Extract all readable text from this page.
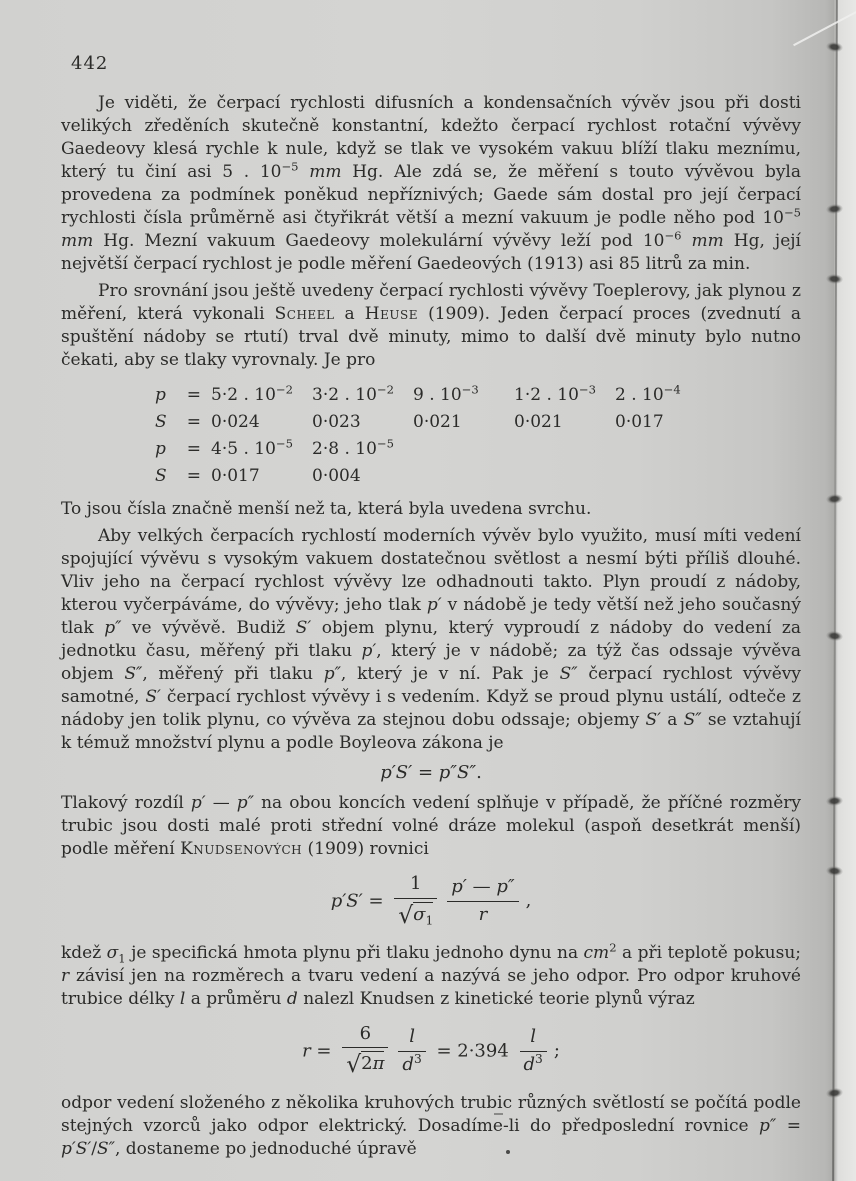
442

Je viděti, že čerpací rychlosti difusních a kondensačních vývěv jsou při dosti velikých zředěních skutečně konstantní, kdežto čerpací rychlost rotační vývěvy Gaedeovy klesá rychle k nule, když se tlak ve vysokém vakuu blíží tlaku meznímu, který tu činí asi 5 . $10^{-5}$ mm Hg. Ale zdá se, že měření s touto vývěvou byla provedena za podmínek poněkud nepříznivých; Gaede sám dostal pro její čerpací rychlosti čísla průměrně asi čtyřikrát větší a mezní vakuum je podle něho pod $10^{-5}$ mm Hg. Mezní vakuum Gaedeovy molekulární vývěvy leží pod $10^{-6}$ mm Hg, její největší čerpací rychlost je podle měření Gaedeových (1913) asi 85 litrů za min.

Pro srovnání jsou ještě uvedeny čerpací rychlosti vývěvy Toeplerovy, jak plynou z měření, která vykonali Scheel a Heuse (1909). Jeden čerpací proces (zvednutí a spuštění nádoby se rtutí) trval dvě minuty, mimo to další dvě minuty bylo nutno čekati, aby se tlaky vyrovnaly. Je pro

p = 5·2 . $10^{-2}$	3·2 . $10^{-2}$	9 . $10^{-3}$	1·2 . $10^{-3}$	2 . $10^{-4}$
S = 0·024	0·023	0·021	0·021	0·017
p = 4·5 . $10^{-5}$	2·8 . $10^{-5}$
S = 0·017	0·004

To jsou čísla značně menší než ta, která byla uvedena svrchu.

Aby velkých čerpacích rychlostí moderních vývěv bylo využito, musí míti vedení spojující vývěvu s vysokým vakuem dostatečnou světlost a nesmí býti příliš dlouhé. Vliv jeho na čerpací rychlost vývěvy lze odhadnouti takto. Plyn proudí z nádoby, kterou vyčerpáváme, do vývěvy; jeho tlak p′ v nádobě je tedy větší než jeho současný tlak p″ ve vývěvě. Budiž S′ objem plynu, který vyproudí z nádoby do vedení za jednotku času, měřený při tlaku p′, který je v nádobě; za týž čas odssaje vývěva objem S″, měřený při tlaku p″, který je v ní. Pak je S″ čerpací rychlost vývěvy samotné, S′ čerpací rychlost vývěvy i s vedením. Když se proud plynu ustálí, odteče z nádoby jen tolik plynu, co vývěva za stejnou dobu odssaje; objemy S′ a S″ se vztahují k témuž množství plynu a podle Boyleova zákona je

p′S′ = p″S″.

Tlakový rozdíl p′ — p″ na obou koncích vedení splňuje v případě, že příčné rozměry trubic jsou dosti malé proti střední volné dráze molekul (aspoň desetkrát menší) podle měření Knudsenových (1909) rovnici

$p'S' = \frac{1}{√\sigma_1} \frac{p' — p''}{r}$ ,

kdež $\sigma_1$ je specifická hmota plynu při tlaku jednoho dynu na $cm^2$ a při teplotě pokusu; r závisí jen na rozměrech a tvaru vedení a nazývá se jeho odpor. Pro odpor kruhové trubice délky l a průměru d nalezl Knudsen z kinetické teorie plynů výraz

$r = \frac{6}{√2\pi} \frac{l}{d^3} = 2\cdot 394 \frac{l}{d^3}$ ;

odpor vedení složeného z několika kruhových trubic různých světlostí se počítá podle stejných vzorců jako odpor elektrický. Dosadíme-li do předposlední rovnice p″ = p′S′/S″, dostaneme po jednoduché úpravě
